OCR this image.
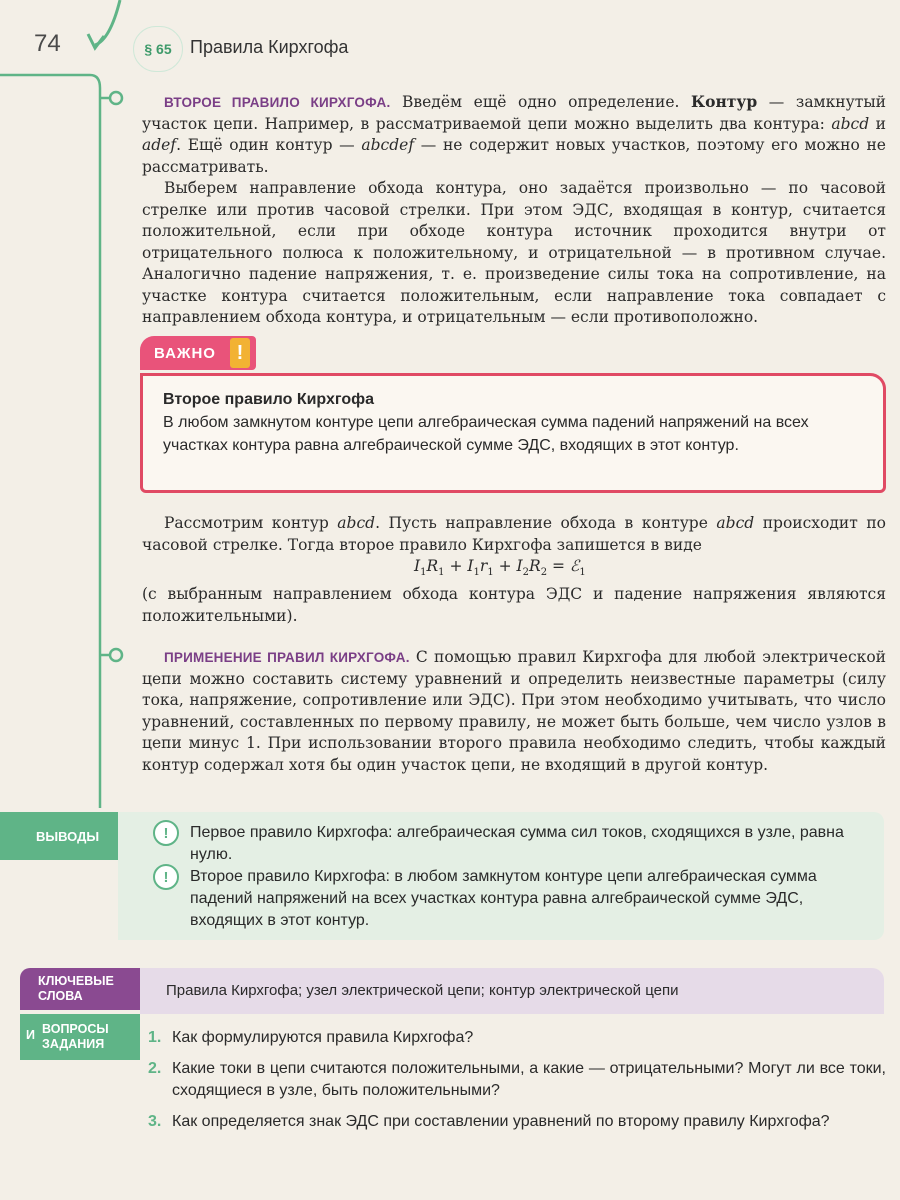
74	§ 65	Правила Кирхгофа

ВТОРОЕ ПРАВИЛО КИРХГОФА. Введём ещё одно определение. Контур — замкнутый участок цепи. Например, в рассматриваемой цепи можно выделить два контура: abcd и adef. Ещё один контур — abcdef — не содержит новых участков, поэтому его можно не рассматривать.

Выберем направление обхода контура, оно задаётся произвольно — по часовой стрелке или против часовой стрелки. При этом ЭДС, входящая в контур, считается положительной, если при обходе контура источник проходится внутри от отрицательного полюса к положительному, и отрицательной — в противном случае. Аналогично падение напряжения, т. е. произведение силы тока на сопротивление, на участке контура считается положительным, если направление тока совпадает с направлением обхода контура, и отрицательным — если противоположно.

ВАЖНО	!
Второе правило Кирхгофа
В любом замкнутом контуре цепи алгебраическая сумма падений напряжений на всех участках контура равна алгебраической сумме ЭДС, входящих в этот контур.

Рассмотрим контур abcd. Пусть направление обхода в контуре abcd происходит по часовой стрелке. Тогда второе правило Кирхгофа запишется в виде

$I_1R_1 + I_1r_1 + I_2R_2$ = ℰ$_1$
(с выбранным направлением обхода контура ЭДС и падение напряжения являются положительными).

ПРИМЕНЕНИЕ ПРАВИЛ КИРХГОФА. С помощью правил Кирхгофа для любой электрической цепи можно составить систему уравнений и определить неизвестные параметры (силу тока, напряжение, сопротивление или ЭДС). При этом необходимо учитывать, что число уравнений, составленных по первому правилу, не может быть больше, чем число узлов в цепи минус 1. При использовании второго правила необходимо следить, чтобы каждый контур содержал хотя бы один участок цепи, не входящий в другой контур.

ВЫВОДЫ	!	Первое правило Кирхгофа: алгебраическая сумма сил токов, сходящихся в узле, равна нулю.
!	Второе правило Кирхгофа: в любом замкнутом контуре цепи алгебраическая сумма падений напряжений на всех участках контура равна алгебраической сумме ЭДС, входящих в этот контур.
КЛЮЧЕВЫЕ
СЛОВА	Правила Кирхгофа; узел электрической цепи; контур электрической цепи
И ВОПРОСЫ
ЗАДАНИЯ	1. Как формулируются правила Кирхгофа?
2. Какие токи в цепи считаются положительными, а какие — отрицательными? Могут ли все токи, сходящиеся в узле, быть положительными?
3. Как определяется знак ЭДС при составлении уравнений по второму правилу Кирхгофа?
